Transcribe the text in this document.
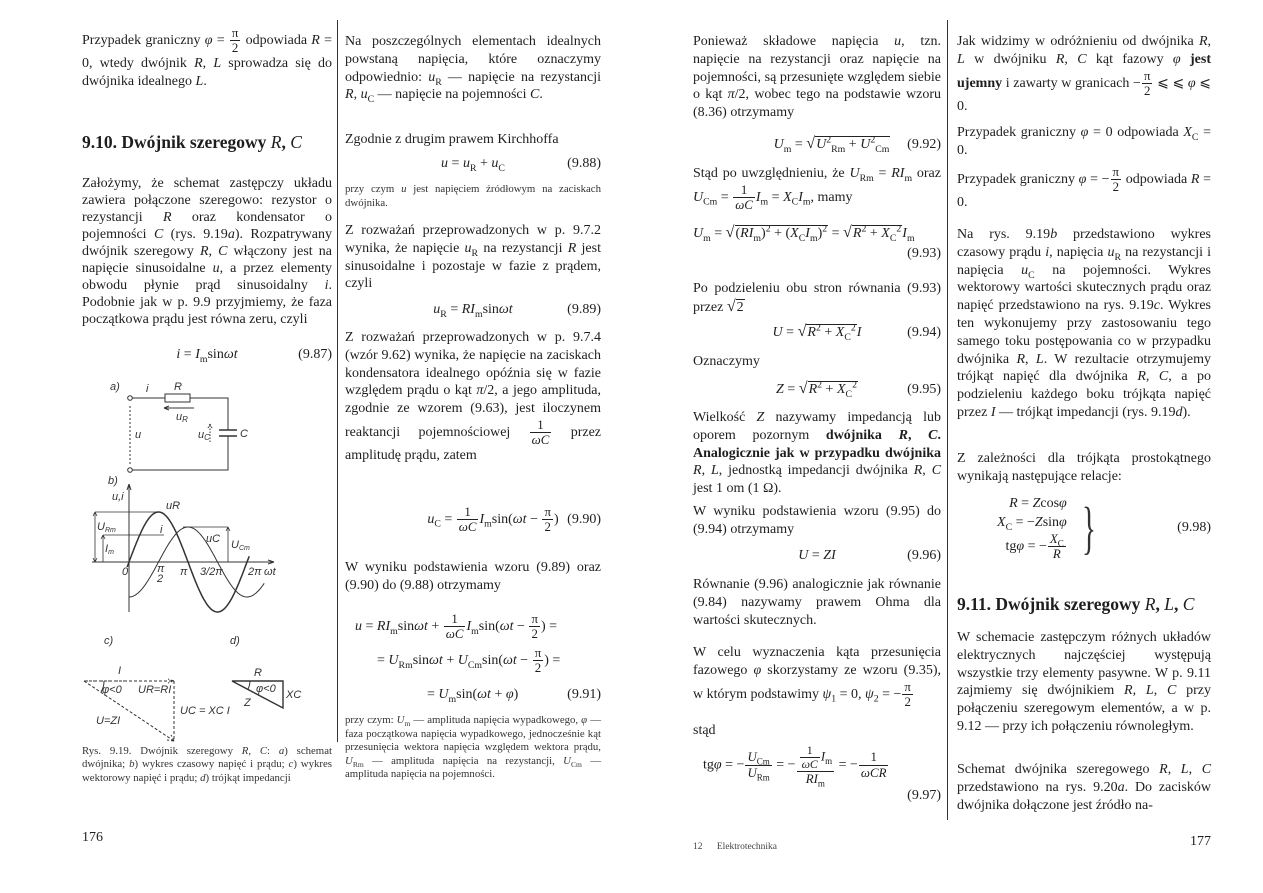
Przypadek graniczny $\varphi = \frac{\pi}{2}$ odpowiada R = 0, wtedy dwójnik R, L sprowadza się do dwójnika idealnego L.
9.10. Dwójnik szeregowy R, C
Założymy, że schemat zastępczy układu zawiera połączone szeregowo: rezystor o rezystancji R oraz kondensator o pojemności C (rys. 9.19a). Rozpatrywany dwójnik szeregowy R, C włączony jest na napięcie sinusoidalne u, a przez elementy obwodu płynie prąd sinusoidalny i. Podobnie jak w p. 9.9 przyjmiemy, że faza początkowa prądu jest równa zeru, czyli
$i = I_m\sin\omega t$	(9.87)
a) i R
uR
u	uC	C
b)
u,i
URm
Im
UCm
uR
i
uC
0	π
2
π 3/2π 2π ωt
c)	d)
I
φ<0 UR=RI
UC = XC I
U=ZI
R
φ<0 XC
Z
Rys. 9.19. Dwójnik szeregowy R, C: a) schemat dwójnika; b) wykres czasowy napięć i prądu; c) wykres wektorowy napięć i prądu; d) trójkąt impedancji
176
Na poszczególnych elementach idealnych powstaną napięcia, które oznaczymy odpowiednio: $u_R$ — napięcie na rezystancji R, $u_C$ — napięcie na pojemności C.
Zgodnie z drugim prawem Kirchhoffa
$u = u_R + u_C$	(9.88)
przy czym u jest napięciem źródłowym na zaciskach dwójnika.
Z rozważań przeprowadzonych w p. 9.7.2 wynika, że napięcie $u_R$ na rezystancji R jest sinusoidalne i pozostaje w fazie z prądem, czyli
$u_R = RI_m\sin\omega t$	(9.89)
Z rozważań przeprowadzonych w p. 9.7.4 (wzór 9.62) wynika, że napięcie na zaciskach kondensatora idealnego opóźnia się w fazie względem prądu o kąt π/2, a jego amplituda, zgodnie ze wzorem (9.63), jest iloczynem reaktancji pojemnościowej $\frac{1}{\omega C}$ przez amplitudę prądu, zatem
$u_C = \frac{1}{\omega C} I_m\sin(\omega t - \frac{\pi}{2}$ ) (9.90)
W wyniku podstawienia wzoru (9.89) oraz (9.90) do (9.88) otrzymamy
$u = RI_m\sin\omega t + \frac{1}{\omega C} I_m\sin(\omega t - \frac{\pi}{2}$ ) =
= $U_{Rm}\sin\omega t + U_{Cm}\sin(\omega t - \frac{\pi}{2}$ ) =
= $U_m\sin(\omega t + \varphi)$	(9.91)
przy czym: $U_m$ — amplituda napięcia wypadkowego, φ — faza początkowa napięcia wypadkowego, jednocześnie kąt przesunięcia wektora napięcia względem wektora prądu, $U_{Rm}$ — amplituda napięcia na rezystancji, $U_{Cm}$ — amplituda napięcia na pojemności.
Ponieważ składowe napięcia u, tzn. napięcie na rezystancji oraz napięcie na pojemności, są przesunięte względem siebie o kąt π/2, wobec tego na podstawie wzoru (8.36) otrzymamy
$U_m = √U^2_{Rm} + U^2_{Cm}$ (9.92)
Stąd po uwzględnieniu, że $U_{Rm} = RI_m$ oraz $U_{Cm} = \frac{1}{\omega C} I_m = X_CI_m$, mamy
$U_m = √(RI_m)^2 + (X_CI_m)^2 = √R^2 + X_C^2I_m$
(9.93)
Po podzieleniu obu stron równania (9.93) przez √2
$U = √R^2 + X_C^2I$	(9.94)
Oznaczymy
$Z = √R^2 + X_C^2$	(9.95)
Wielkość Z nazywamy impedancją lub oporem pozornym dwójnika R, C. Analogicznie jak w przypadku dwójnika R, L, jednostką impedancji dwójnika R, C jest 1 om (1 Ω).
W wyniku podstawienia wzoru (9.95) do (9.94) otrzymamy
U = ZI	(9.96)
Równanie (9.96) analogicznie jak równanie (9.84) nazywamy prawem Ohma dla wartości skutecznych.
W celu wyznaczenia kąta przesunięcia fazowego φ skorzystamy ze wzoru (9.35), w którym podstawimy $\psi_1 = 0$, $\psi_2$ = − $\frac{\pi}{2}$
stąd
tgφ = − $\frac{U_{Cm}}{U_{Rm}}$ = − $\frac{\frac{1}{\omega C} I_m}{RI_m}$ = − $\frac{1}{\text{ωCR}}$
(9.97)
12 Elektrotechnika
Jak widzimy w odróżnieniu od dwójnika R, L w dwójniku R, C kąt fazowy φ jest ujemny i zawarty w granicach − $\frac{\pi}{2}$ ⩽ ⩽ φ ⩽ 0.
Przypadek graniczny φ = 0 odpowiada $X_C = 0$.
Przypadek graniczny φ = − $\frac{\pi}{2}$ odpowiada R = 0.
Na rys. 9.19b przedstawiono wykres czasowy prądu i, napięcia $u_R$ na rezystancji i napięcia $u_C$ na pojemności. Wykres wektorowy wartości skutecznych prądu oraz napięć przedstawiono na rys. 9.19c. Wykres ten wykonujemy przy zastosowaniu tego samego toku postępowania co w przypadku dwójnika R, L. W rezultacie otrzymujemy trójkąt napięć dla dwójnika R, C, a po podzieleniu każdego boku trójkąta napięć przez I — trójkąt impedancji (rys. 9.19d).
Z zależności dla trójkąta prostokątnego wynikają następujące relacje:
R = Zcosφ
$X_C = -Zsin\varphi$
tgφ = − $\frac{X_C}{R}$ }	(9.98)
9.11. Dwójnik szeregowy R, L, C
W schemacie zastępczym różnych układów elektrycznych najczęściej występują wszystkie trzy elementy pasywne. W p. 9.11 zajmiemy się dwójnikiem R, L, C przy połączeniu szeregowym elementów, a w p. 9.12 — przy ich połączeniu równoległym.
Schemat dwójnika szeregowego R, L, C przedstawiono na rys. 9.20a. Do zacisków dwójnika dołączone jest źródło na-
177
